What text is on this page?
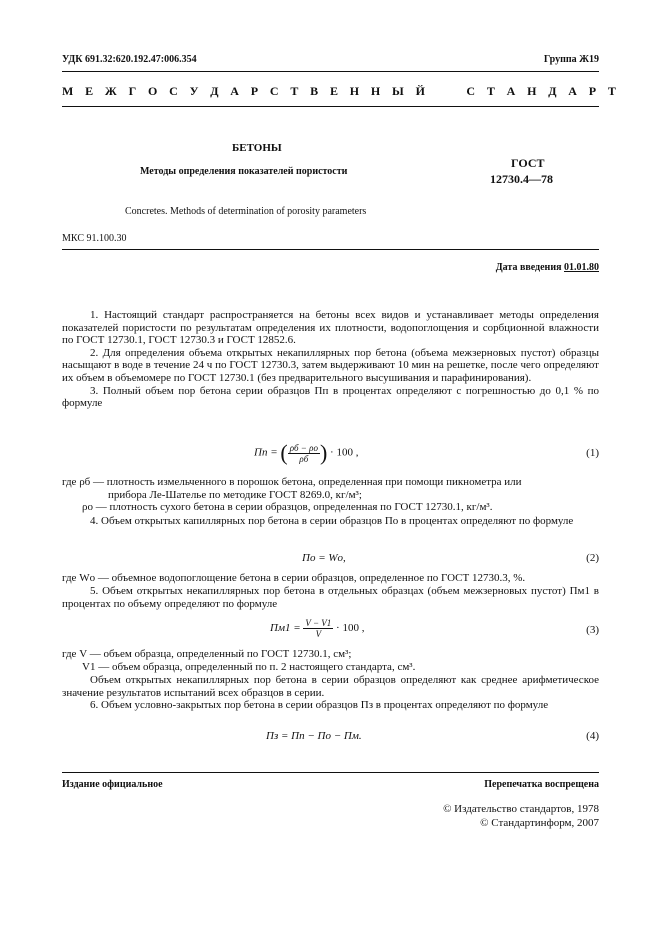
УДК 691.32:620.192.47:006.354	Группа Ж19
М Е Ж Г О С У Д А Р С Т В Е Н Н Ы Й     С Т А Н Д А Р Т
БЕТОНЫ
Методы определения показателей пористости
ГОСТ
12730.4—78
Concretes. Methods of determination of porosity parameters
МКС 91.100.30
Дата введения 01.01.80

1. Настоящий стандарт распространяется на бетоны всех видов и устанавливает методы определения показателей пористости по результатам определения их плотности, водопоглощения и сорбционной влажности по ГОСТ 12730.1, ГОСТ 12730.3 и ГОСТ 12852.6.

2. Для определения объема открытых некапиллярных пор бетона (объема межзерновых пустот) образцы насыщают в воде в течение 24 ч по ГОСТ 12730.3, затем выдерживают 10 мин на решетке, после чего определяют их объем в объемомере по ГОСТ 12730.1 (без предварительного высушивания и парафинирования).

3. Полный объем пор бетона серии образцов Пп в процентах определяют с погрешностью до 0,1 % по формуле

Пп = ( $\frac{\rho б - \rho о}{\rho б}$ ) · 100 ,	(1)
где ρб — плотность измельченного в порошок бетона, определенная при помощи пикнометра или
прибора Ле-Шателье по методике ГОСТ 8269.0, кг/м³;
ρо — плотность сухого бетона в серии образцов, определенная по ГОСТ 12730.1, кг/м³.

4. Объем открытых капиллярных пор бетона в серии образцов По в процентах определяют по формуле

По = Wо,	(2)
где Wо — объемное водопоглощение бетона в серии образцов, определенное по ГОСТ 12730.3, %.

5. Объем открытых некапиллярных пор бетона в отдельных образцах (объем межзерновых пустот) Пм1 в процентах по объему определяют по формуле

$Пм1 = \frac{V - V1}{V} \cdot 100$ ,	(3)
где V — объем образца, определенный по ГОСТ 12730.1, см³;
V1 — объем образца, определенный по п. 2 настоящего стандарта, см³.

Объем открытых некапиллярных пор бетона в серии образцов определяют как среднее арифметическое значение результатов испытаний всех образцов в серии.

6. Объем условно-закрытых пор бетона в серии образцов Пз в процентах определяют по формуле

Пз = Пп − По − Пм.	(4)
Издание официальное	Перепечатка воспрещена
© Издательство стандартов, 1978
© Стандартинформ, 2007
